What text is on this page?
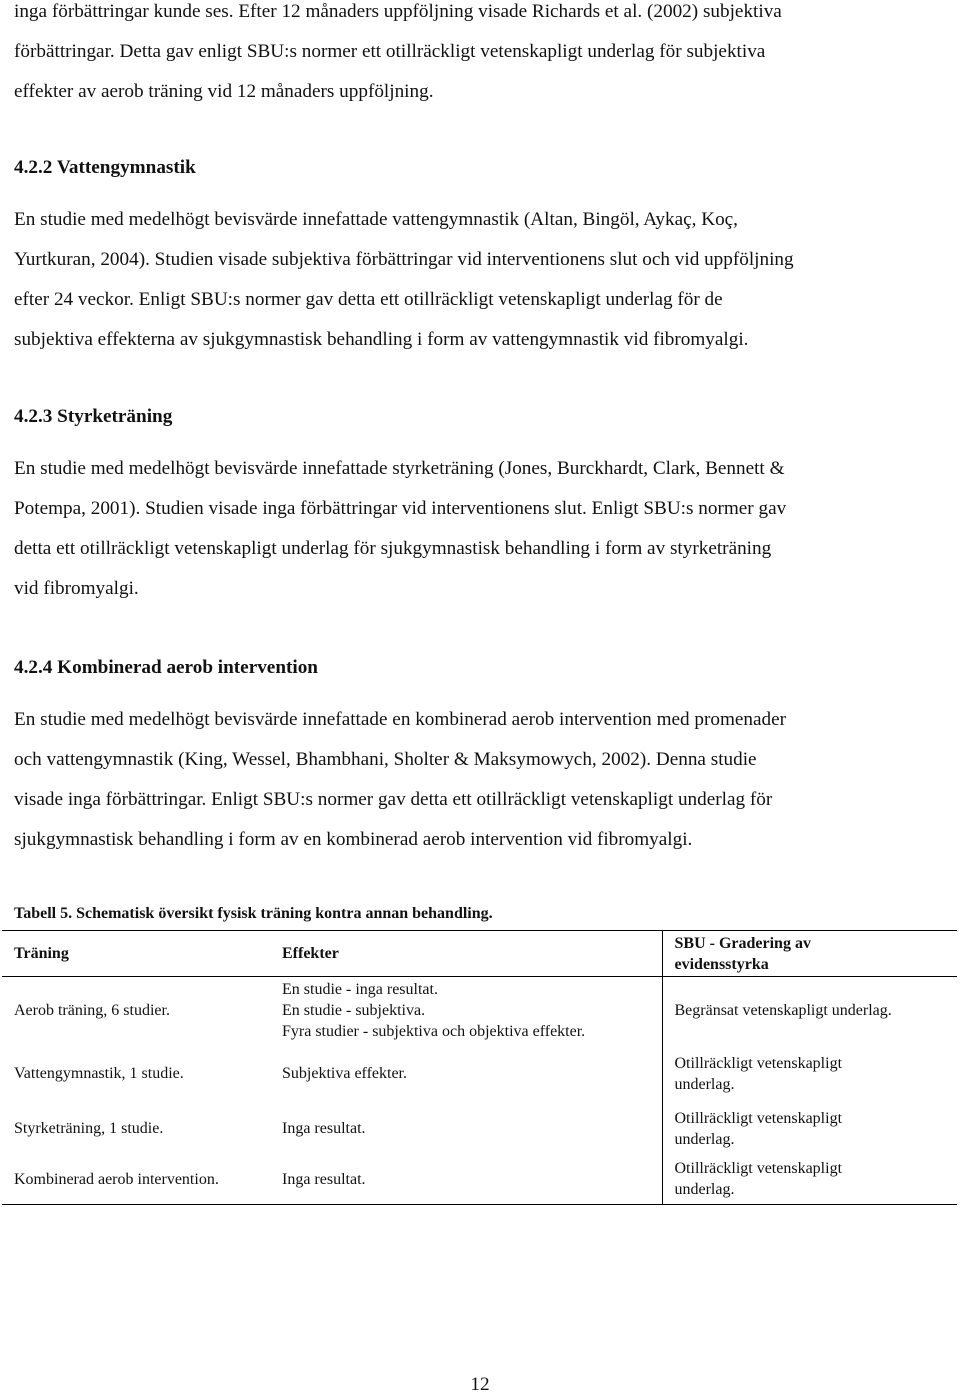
inga förbättringar kunde ses. Efter 12 månaders uppföljning visade Richards et al. (2002) subjektiva

förbättringar. Detta gav enligt SBU:s normer ett otillräckligt vetenskapligt underlag för subjektiva

effekter av aerob träning vid 12 månaders uppföljning.

4.2.2 Vattengymnastik

En studie med medelhögt bevisvärde innefattade vattengymnastik (Altan, Bingöl, Aykaç, Koç,

Yurtkuran, 2004). Studien visade subjektiva förbättringar vid interventionens slut och vid uppföljning

efter 24 veckor. Enligt SBU:s normer gav detta ett otillräckligt vetenskapligt underlag för de

subjektiva effekterna av sjukgymnastisk behandling i form av vattengymnastik vid fibromyalgi.

4.2.3 Styrketräning

En studie med medelhögt bevisvärde innefattade styrketräning (Jones, Burckhardt, Clark, Bennett &

Potempa, 2001). Studien visade inga förbättringar vid interventionens slut. Enligt SBU:s normer gav

detta ett otillräckligt vetenskapligt underlag för sjukgymnastisk behandling i form av styrketräning

vid fibromyalgi.

4.2.4 Kombinerad aerob intervention

En studie med medelhögt bevisvärde innefattade en kombinerad aerob intervention med promenader

och vattengymnastik (King, Wessel, Bhambhani, Sholter & Maksymowych, 2002). Denna studie

visade inga förbättringar. Enligt SBU:s normer gav detta ett otillräckligt vetenskapligt underlag för

sjukgymnastisk behandling i form av en kombinerad aerob intervention vid fibromyalgi.

Tabell 5. Schematisk översikt fysisk träning kontra annan behandling.
Träning	Effekter	SBU - Gradering av
evidensstyrka

Aerob träning, 6 studier.	En studie - inga resultat.
En studie - subjektiva.
Fyra studier - subjektiva och objektiva effekter.	Begränsat vetenskapligt underlag.

Vattengymnastik, 1 studie.	Subjektiva effekter.	Otillräckligt vetenskapligt
underlag.

Styrketräning, 1 studie.	Inga resultat.	Otillräckligt vetenskapligt
underlag.

Kombinerad aerob intervention.	Inga resultat.	Otillräckligt vetenskapligt
underlag.
12
